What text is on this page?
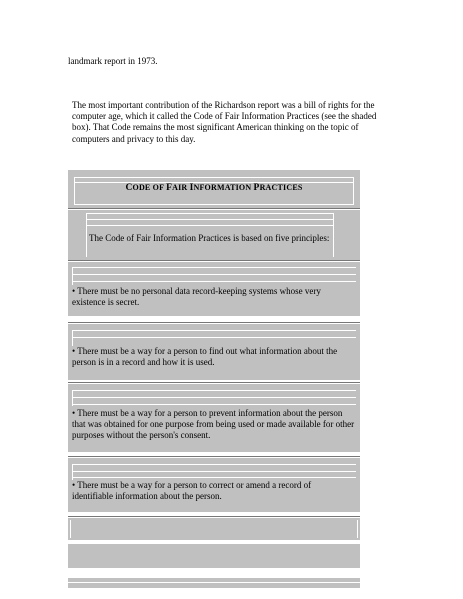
landmark report in 1973.
The most important contribution of the Richardson report was a bill of rights for the computer age, which it called the Code of Fair Information Practices (see the shaded box). That Code remains the most significant American thinking on the topic of computers and privacy to this day.
CODE OF FAIR INFORMATION PRACTICES
The Code of Fair Information Practices is based on five principles:
• There must be no personal data record-keeping systems whose very existence is secret.
• There must be a way for a person to find out what information about the person is in a record and how it is used.
• There must be a way for a person to prevent information about the person that was obtained for one purpose from being used or made available for other purposes without the person's consent.
• There must be a way for a person to correct or amend a record of identifiable information about the person.
